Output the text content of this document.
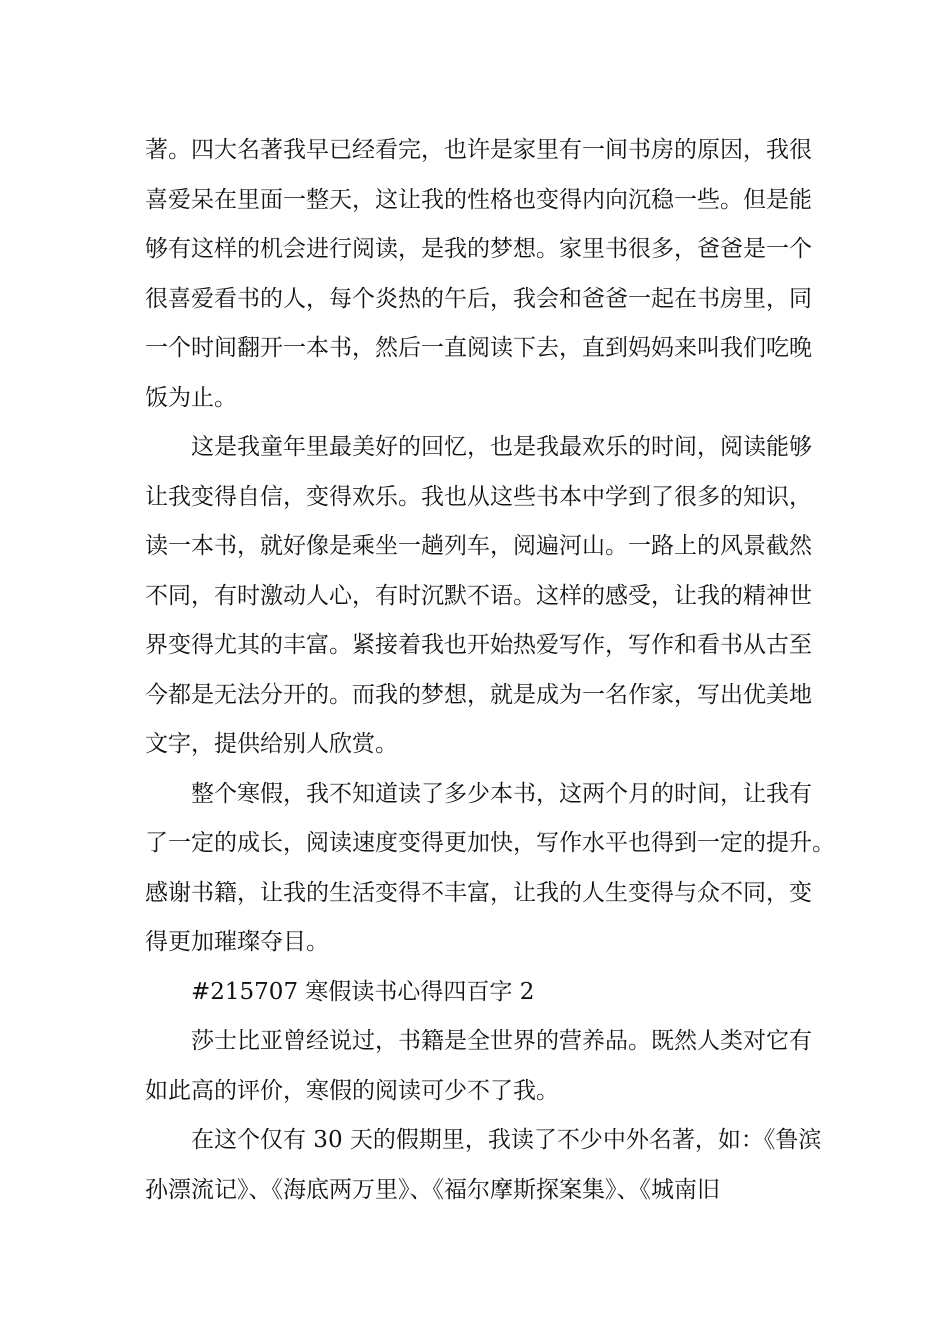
著。四大名著我早已经看完，也许是家里有一间书房的原因，我很
喜爱呆在里面一整天，这让我的性格也变得内向沉稳一些。但是能
够有这样的机会进行阅读，是我的梦想。家里书很多，爸爸是一个
很喜爱看书的人，每个炎热的午后，我会和爸爸一起在书房里，同
一个时间翻开一本书，然后一直阅读下去，直到妈妈来叫我们吃晚
饭为止。
这是我童年里最美好的回忆，也是我最欢乐的时间，阅读能够
让我变得自信，变得欢乐。我也从这些书本中学到了很多的知识，
读一本书，就好像是乘坐一趟列车，阅遍河山。一路上的风景截然
不同，有时激动人心，有时沉默不语。这样的感受，让我的精神世
界变得尤其的丰富。紧接着我也开始热爱写作，写作和看书从古至
今都是无法分开的。而我的梦想，就是成为一名作家，写出优美地
文字，提供给别人欣赏。
整个寒假，我不知道读了多少本书，这两个月的时间，让我有
了一定的成长，阅读速度变得更加快，写作水平也得到一定的提升。
感谢书籍，让我的生活变得不丰富，让我的人生变得与众不同，变
得更加璀璨夺目。
#215707 寒假读书心得四百字 2
莎士比亚曾经说过，书籍是全世界的营养品。既然人类对它有
如此高的评价，寒假的阅读可少不了我。
在这个仅有 30 天的假期里，我读了不少中外名著，如：《鲁滨
孙漂流记》、《海底两万里》、《福尔摩斯探案集》、《城南旧
